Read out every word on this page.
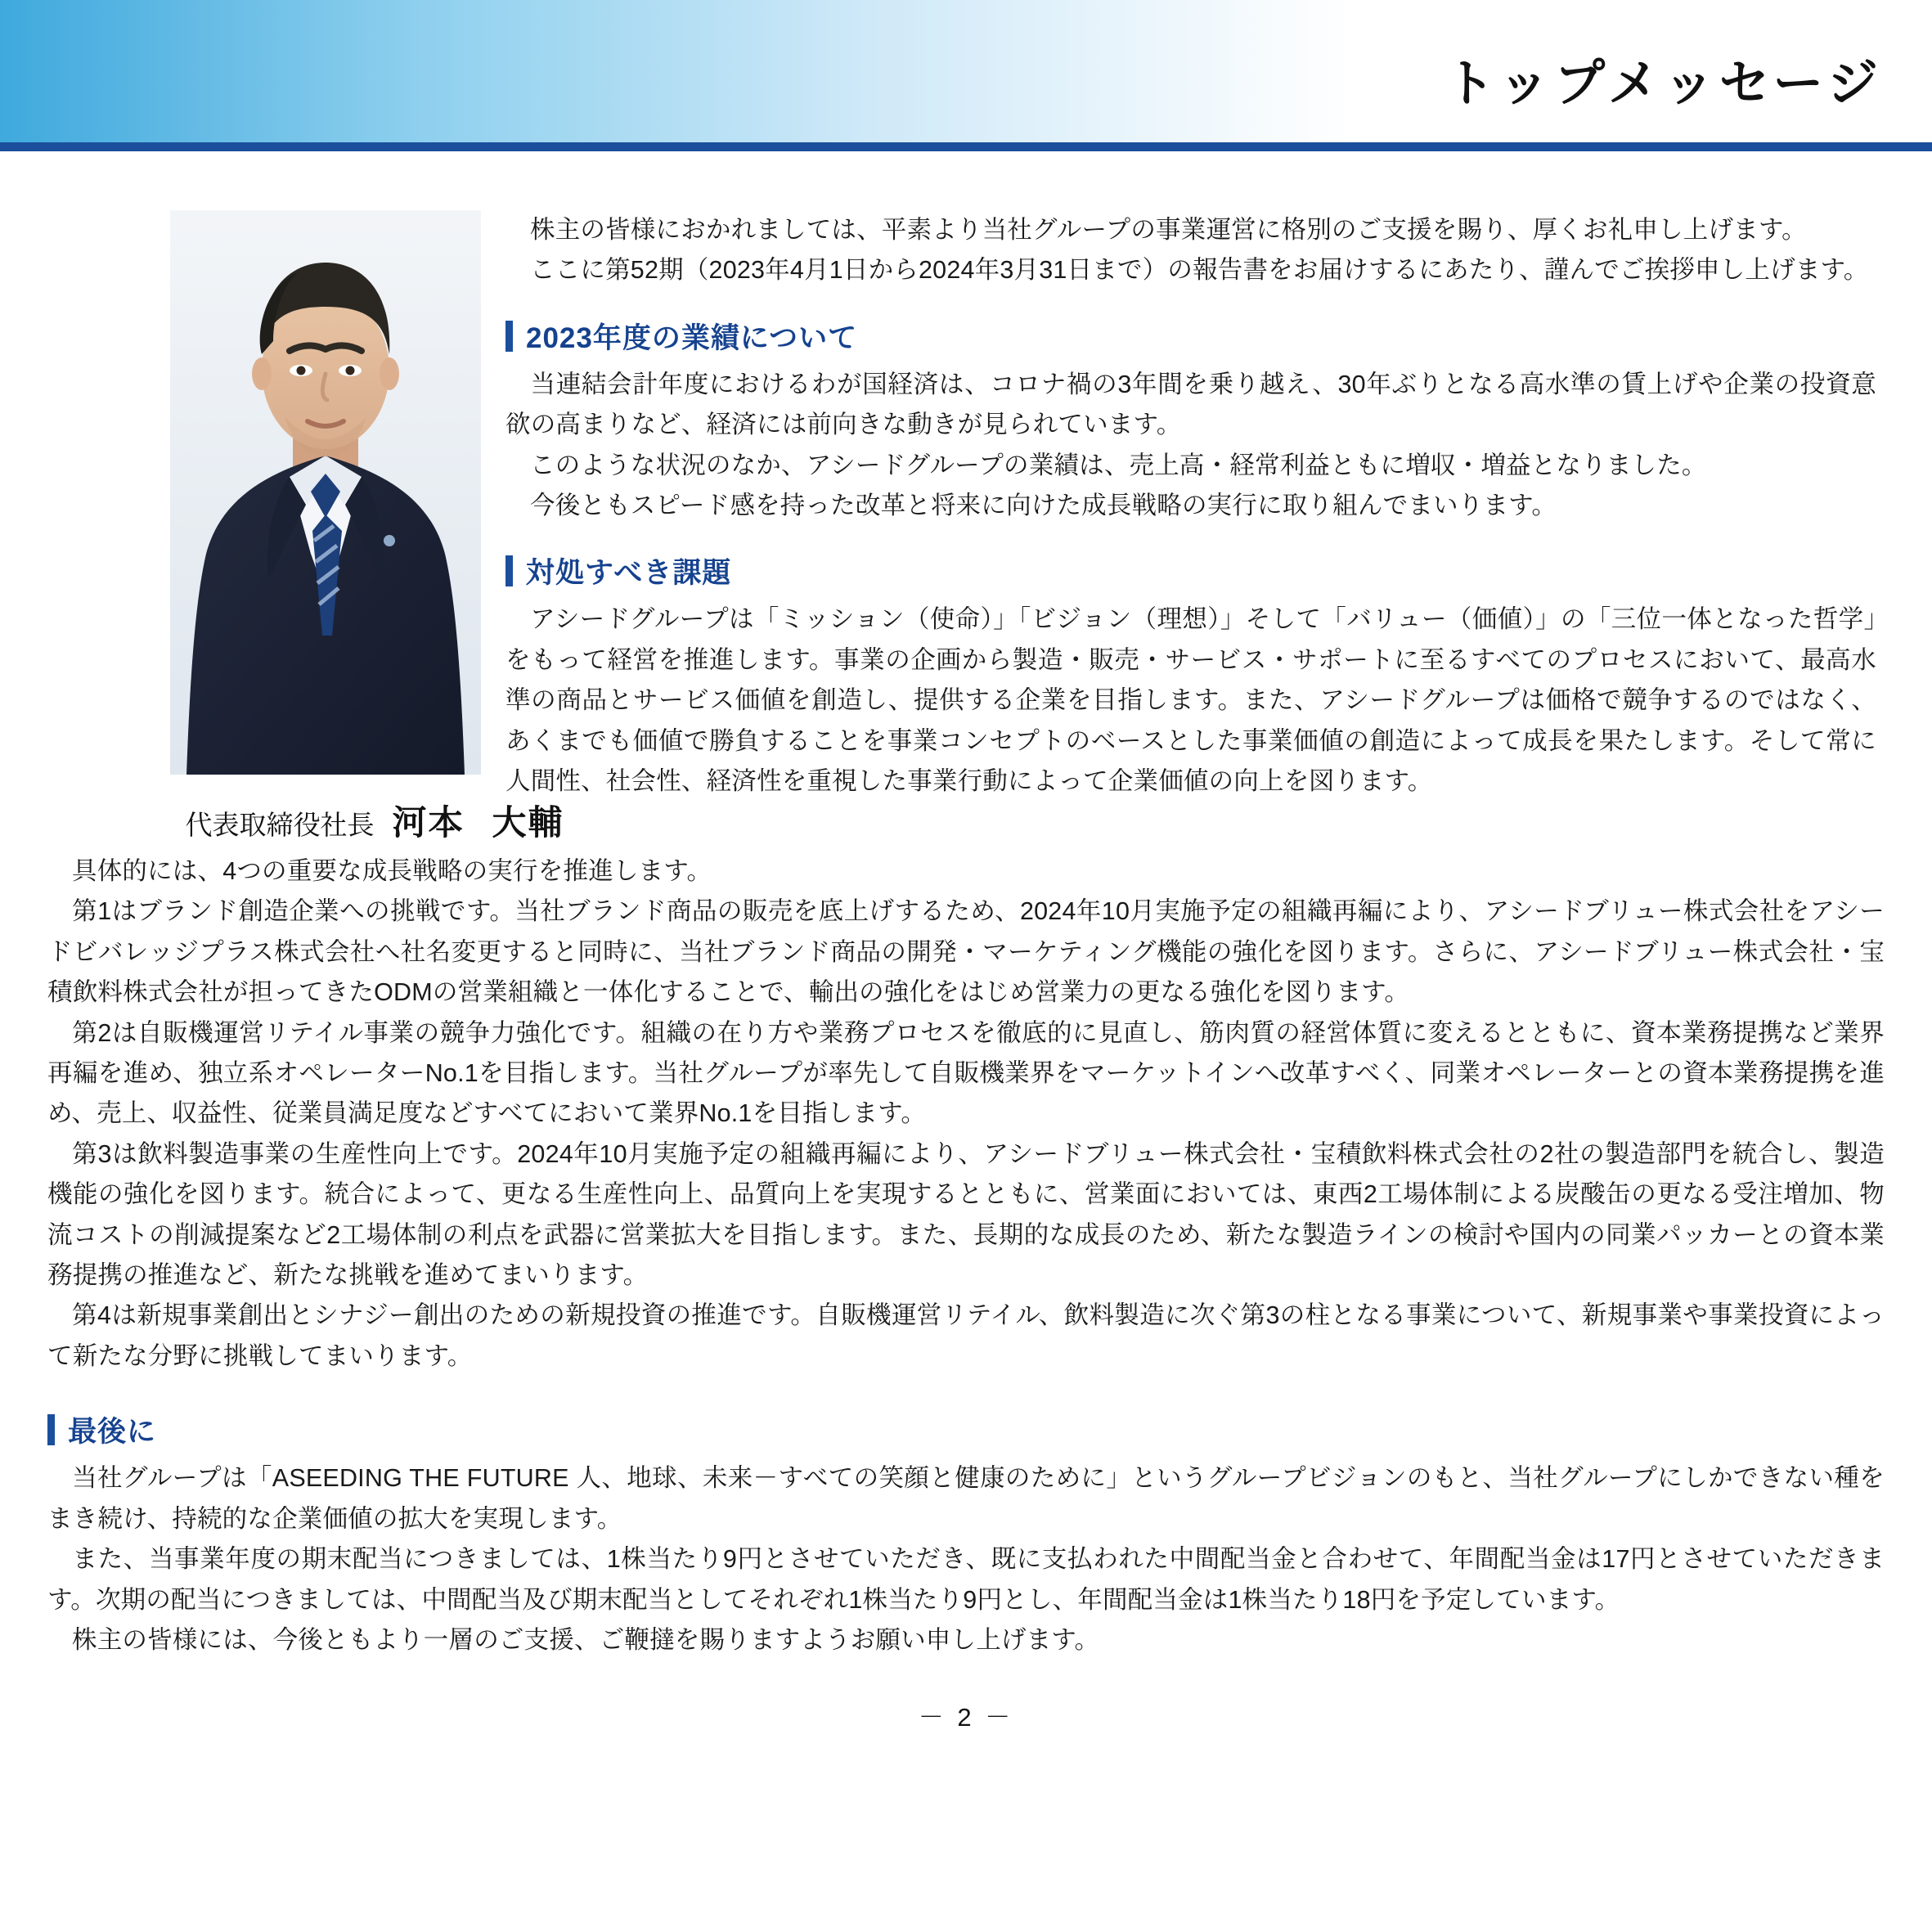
トップメッセージ
代表取締役社長 河本 大輔

株主の皆様におかれましては、平素より当社グループの事業運営に格別のご支援を賜り、厚くお礼申し上げます。

ここに第52期（2023年4月1日から2024年3月31日まで）の報告書をお届けするにあたり、謹んでご挨拶申し上げます。

2023年度の業績について

当連結会計年度におけるわが国経済は、コロナ禍の3年間を乗り越え、30年ぶりとなる高水準の賃上げや企業の投資意欲の高まりなど、経済には前向きな動きが見られています。

このような状況のなか、アシードグループの業績は、売上高・経常利益ともに増収・増益となりました。

今後ともスピード感を持った改革と将来に向けた成長戦略の実行に取り組んでまいります。

対処すべき課題

アシードグループは「ミッション（使命）」「ビジョン（理想）」そして「バリュー（価値）」の「三位一体となった哲学」をもって経営を推進します。事業の企画から製造・販売・サービス・サポートに至るすべてのプロセスにおいて、最高水準の商品とサービス価値を創造し、提供する企業を目指します。また、アシードグループは価格で競争するのではなく、あくまでも価値で勝負することを事業コンセプトのベースとした事業価値の創造によって成長を果たします。そして常に人間性、社会性、経済性を重視した事業行動によって企業価値の向上を図ります。

具体的には、4つの重要な成長戦略の実行を推進します。

第1はブランド創造企業への挑戦です。当社ブランド商品の販売を底上げするため、2024年10月実施予定の組織再編により、アシードブリュー株式会社をアシードビバレッジプラス株式会社へ社名変更すると同時に、当社ブランド商品の開発・マーケティング機能の強化を図ります。さらに、アシードブリュー株式会社・宝積飲料株式会社が担ってきたODMの営業組織と一体化することで、輸出の強化をはじめ営業力の更なる強化を図ります。

第2は自販機運営リテイル事業の競争力強化です。組織の在り方や業務プロセスを徹底的に見直し、筋肉質の経営体質に変えるとともに、資本業務提携など業界再編を進め、独立系オペレーターNo.1を目指します。当社グループが率先して自販機業界をマーケットインへ改革すべく、同業オペレーターとの資本業務提携を進め、売上、収益性、従業員満足度などすべてにおいて業界No.1を目指します。

第3は飲料製造事業の生産性向上です。2024年10月実施予定の組織再編により、アシードブリュー株式会社・宝積飲料株式会社の2社の製造部門を統合し、製造機能の強化を図ります。統合によって、更なる生産性向上、品質向上を実現するとともに、営業面においては、東西2工場体制による炭酸缶の更なる受注増加、物流コストの削減提案など2工場体制の利点を武器に営業拡大を目指します。また、長期的な成長のため、新たな製造ラインの検討や国内の同業パッカーとの資本業務提携の推進など、新たな挑戦を進めてまいります。

第4は新規事業創出とシナジー創出のための新規投資の推進です。自販機運営リテイル、飲料製造に次ぐ第3の柱となる事業について、新規事業や事業投資によって新たな分野に挑戦してまいります。

最後に

当社グループは「ASEEDING THE FUTURE 人、地球、未来－すべての笑顔と健康のために」というグループビジョンのもと、当社グループにしかできない種をまき続け、持続的な企業価値の拡大を実現します。

また、当事業年度の期末配当につきましては、1株当たり9円とさせていただき、既に支払われた中間配当金と合わせて、年間配当金は17円とさせていただきます。次期の配当につきましては、中間配当及び期末配当としてそれぞれ1株当たり9円とし、年間配当金は1株当たり18円を予定しています。

株主の皆様には、今後ともより一層のご支援、ご鞭撻を賜りますようお願い申し上げます。

－ 2 －
